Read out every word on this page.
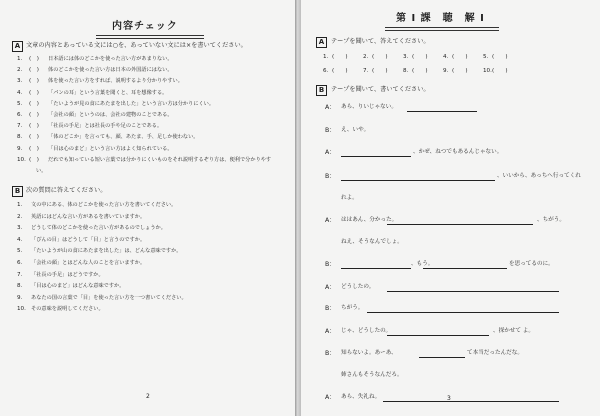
内容チェック
A 文章の内容とあっている文には○を、あっていない文には×を書いてください。
1. (　) 日本語には体のどこかを使った言い方があまりない。
2. (　) 体のどこかを使った言い方は日本の外国語にはない。
3. (　) 体を使った言い方をすれば、説明するより分かりやすい。
4. (　) 「パンの耳」という言葉を聞くと、耳を想像する。
5. (　) 「たいようが見の食にあたまを出した」という言い方は分かりにくい。
6. (　) 「会社の顔」というのは、会社の建物のことである。
7. (　) 「社長の手足」とは社長の手や足のことである。
8. (　) 「体のどこか」を言っても、顔、あたま、手、足しか使わない。
9. (　) 「目は心のまど」という言い方はよく知られている。
10. (　) だれでも知っている短い言葉では分かりにくいものをそれ説明するぞり方は、便利で分かりやす
い。
B 次の質問に答えてください。
1. 文の中にある、体のどこかを使った言い方を書いてください。
2. 英語にはどんな言い方があるを書いていますか。
3. どうして体のどこかを使った言い方があるのでしょうか。
4. 「ぴんの目」はどうして「目」と言うのですか。
5. 「たいようが山の食にあたまを出した」は、どんな意味ですか。
6. 「会社の顔」とはどんな人のことを言いますか。
7. 「社長の手足」はどうですか。
8. 「目は心のまど」はどんな意味ですか。
9. あなたの国の言葉で「目」を使った言い方を一つ書いてください。
10. その意味を説明してください。
2
第 I 課　聴　解 I
A	テープを聞いて、答えてください。
1. (　　)	2. (　　)	3. (　　)	4. (　　)	5. (　　)
6. (　　)	7. (　　)	8. (　　)	9. (　　)	10. (　　)
B	テープを聞いて、書いてください。
A： あら、りいじゃない。
B： え、いや。
A：	、かぜ、ねつでもあるんじゃない。
B：	、いいから、あっちへ行ってくれ
れよ。
A： ははあん、分かった。	、ちがう。
ねえ、そうなんでしょ。
B：	、もう。	を思ってるのに。
A： どうしたの。
B： ちがう。
A： じゃ、どうしたの。	、探かせて よ。
B： 知らないよ。あーあ、	て本当だったんだな。
姉さんもそうなんだろ。
A： あら、失礼ね。	3
